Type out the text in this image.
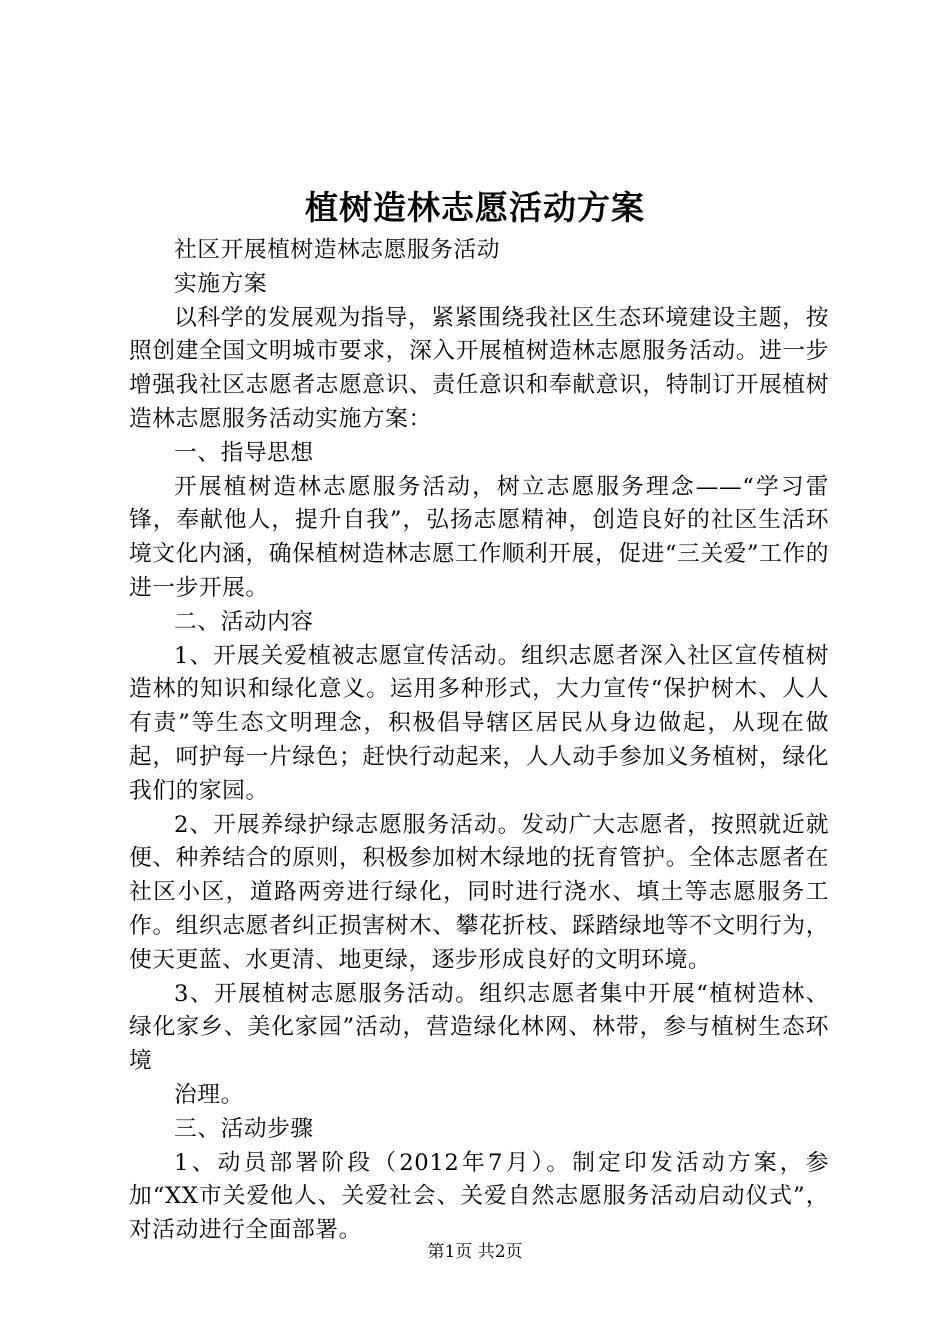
植树造林志愿活动方案

社区开展植树造林志愿服务活动

实施方案

以科学的发展观为指导，紧紧围绕我社区生态环境建设主题，按照创建全国文明城市要求，深入开展植树造林志愿服务活动。进一步增强我社区志愿者志愿意识、责任意识和奉献意识，特制订开展植树造林志愿服务活动实施方案：

一、指导思想

开展植树造林志愿服务活动，树立志愿服务理念——“学习雷锋，奉献他人，提升自我”，弘扬志愿精神，创造良好的社区生活环境文化内涵，确保植树造林志愿工作顺利开展，促进“三关爱”工作的进一步开展。

二、活动内容

1、开展关爱植被志愿宣传活动。组织志愿者深入社区宣传植树造林的知识和绿化意义。运用多种形式，大力宣传“保护树木、人人有责”等生态文明理念，积极倡导辖区居民从身边做起，从现在做起，呵护每一片绿色；赶快行动起来，人人动手参加义务植树，绿化我们的家园。

2、开展养绿护绿志愿服务活动。发动广大志愿者，按照就近就便、种养结合的原则，积极参加树木绿地的抚育管护。全体志愿者在社区小区，道路两旁进行绿化，同时进行浇水、填土等志愿服务工作。组织志愿者纠正损害树木、攀花折枝、踩踏绿地等不文明行为，使天更蓝、水更清、地更绿，逐步形成良好的文明环境。

3、开展植树志愿服务活动。组织志愿者集中开展“植树造林、绿化家乡、美化家园”活动，营造绿化林网、林带，参与植树生态环境

治理。

三、活动步骤

1、动员部署阶段（2012年7月）。制定印发活动方案，参加“XX市关爱他人、关爱社会、关爱自然志愿服务活动启动仪式”，对活动进行全面部署。

第1页 共2页
